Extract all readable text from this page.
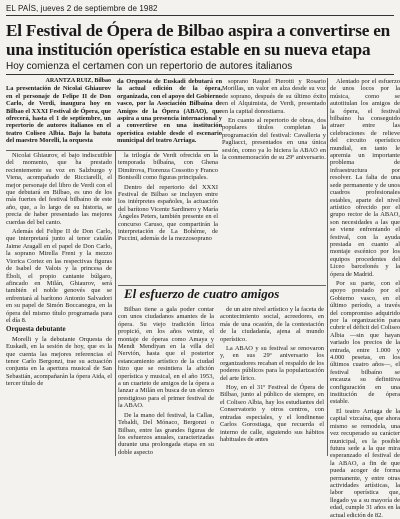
EL PAÍS, jueves 2 de septiembre de 1982
El Festival de Ópera de Bilbao aspira a convertirse en una institución operística estable en su nueva etapa
Hoy comienza el certamen con un repertorio de autores italianos
ARANTZA RUIZ, Bilbao
La presentación de Nicolai Ghiaurov en el personaje de Felipe II de Don Carlo, de Verdi, inaugura hoy en Bilbao el XXXI Festival de Ópera, que ofrecerá, hasta el 1 de septiembre, un repertorio de autores italianos en el teatro Coliseo Albia. Bajo la batuta del maestro Morelli, la orquesta
da Orquesta de Euskadi debutará en la actual edición de la ópera, organizada, con el apoyo del Gobierno vasco, por la Asociación Bilbaína de Amigos de la Ópera (ABAO), que aspira a una presencia internacional y a convertirse en una institución operística estable desde el escenario municipal del teatro Arriaga.

Nicolai Ghiaurov, el bajo indiscutible del momento, que ha prestado recientemente su voz en Salzburgo y Viena, acompañado de Ricciarelli, el mejor personaje del libro de Verdi con el que debutará en Bilbao, es uno de los más fuertes del festival bilbaíno de este año, que, a lo largo de su historia, se precia de haber presentado las mejores cuerdas del bel canto.

Además del Felipe II de Don Carlo, que interpretará junto al tenor catalán Jaime Aragall en el papel de Don Carlo, la soprano Mirella Freni y la mezzo Viorica Cortez en las respectivas figuras de Isabel de Valois y la princesa de Éboli, el propio cantante búlgaro, afincado en Milán, Ghiaurov, será también el noble genovés que se enfrentará al barítono Antonio Salvadori en su papel de Simón Boccanegra, en la ópera del mismo título programada para el día 8.

Orquesta debutante

Morelli y la debutante Orquesta de Euskadi, en la sesión de hoy, que es la que cuenta las mejores referencias el tenor Carlo Bergonzi, trae su actuación conjunta en la apertura musical de San Sebastián, acompañarán la ópera Aida, el tercer título de

la trilogía de Verdi ofrecida en la temporada bilbaína, con Ghena Dimitrova, Fiorenza Cossotto y Franco Bonisolli como figuras principales.

Dentro del repertorio del XXXI Festival de Bilbao se incluyen entre los intérpretes españoles, la actuación del barítono Vicente Sardinero y María Ángeles Peters, también presente en el concurso Caruso, que compartirán la interpretación de La Bohème, de Puccini, además de la mezzosoprano

soprano Raquel Pierotti y Rosario Morillas, un valor en alza desde su voz de soprano, después de su último éxito en el Alquimista, de Verdi, presentado en la capital donostiarra.

En cuanto al repertorio de obras, dos populares títulos completan la programación del festival: Cavalleria y Pagliacci, presentados en una única sesión, como ya lo hiciera la ABAO en la conmemoración de su 29º aniversario.

El esfuerzo de cuatro amigos

Bilbao tiene a gala poder contar con unos ciudadanos amantes de la ópera. Su viejo tradición lírica propició, en los años veinte, el montaje de óperas como Amaya y Mendi Mendiyan en la villa del Nervión, hasta que el posterior estancamiento artístico de la ciudad hizo que se resintiera la afición operística y musical, en el año 1953, a un cuarteto de amigos de la ópera a lanzar a Milán en busca de un elenco prestigioso para el primer festival de la ABAO.

De la mano del festival, la Callas, Tebaldi, Del Mónaco, Bergonzi o Bilbao, entre las grandes figuras de los esfuerzos anuales, caracterizadas durante una prolongada etapa en su doble aspecto

de un aire nivel artístico y la faceta de acontecimiento social, acreedores, en más de una ocasión, de la contestación de la ciudadanía, ajena al mundo operístico.

La ABAO y su festival se renovaron y, en sus 29º aniversario los organizadores recaban el respaldo de los poderes públicos para la popularización del arte lírico.

Hoy, en el 31º Festival de Ópera de Bilbao, junto al público de siempre, en el Coliseo Albia, hay los estudiantes del Conservatorio y otros centros, con entradas especiales, y el londinense Carlos Gorostiaga, que recuerda el interno de calle, siguiendo sus hábitos habituales de antes

Alentado por el esfuerzo de unos locos por la música, como se autotitulan los amigos de la ópera, el festival bilbaíno ha conseguido atraer entre las celebraciones de relieve del circuito operístico mundial, en tanto le apremia un importante problema de infraestructura por resolver. La falta de una sede permanente y de unos cuadros profesionales estables, aparte del nivel artístico ofrecido por el grupo rector de la ABAO, son necesidades a las que se viene enfrentando el festival, con la ayuda prestada en cuanto al montaje escénico por los equipos procedentes del Liceo barcelonés y la ópera de Madrid.

Por su parte, con el apoyo prestado por el Gobierno vasco, en el último período, a través del compromiso adquirido por la organización para cubrir el déficit del Coliseo Albia —sin que hayan variado los precios de la entrada, entre 1.000 y 4.000 pesetas, en los últimos cuatro años—, el festival bilbaíno se encauza su definitiva configuración en una institución de ópera estable.

El teatro Arriaga de la capital vizcaína, que ahora mismo se remodela, una vez recuperado su carácter municipal, es la posible futura sede a la que mira esperanzado el festival de la ABAO, a fin de que pueda acoger de forma permanente, y entre otras actividades artísticas, la labor operística que, llegado ya a su mayoría de edad, cumple 31 años en la actual edición de 82.
